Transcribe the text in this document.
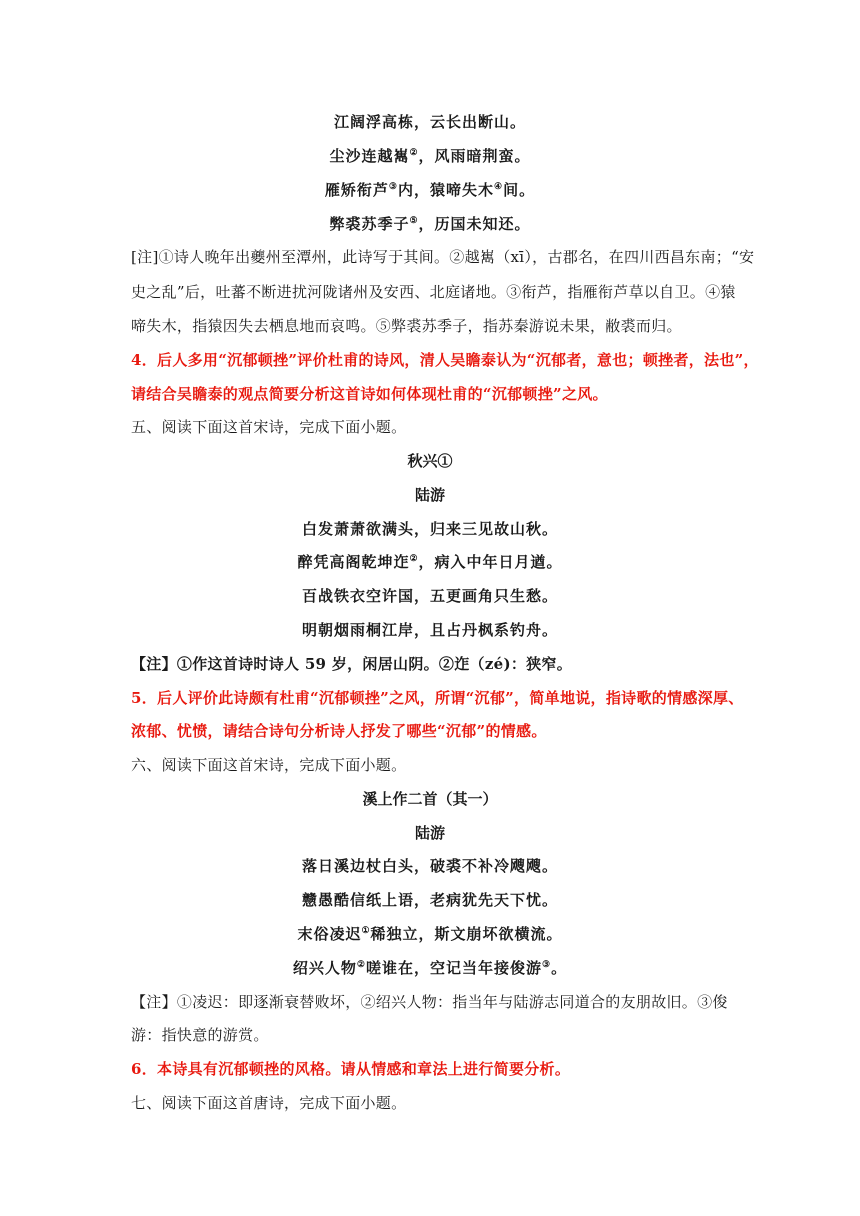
江阔浮高栋，云长出断山。
尘沙连越嶲②，风雨暗荆蛮。
雁矫衔芦③内，猿啼失木④间。
弊裘苏季子⑤，历国未知还。
[注]①诗人晚年出夔州至潭州，此诗写于其间。②越嶲（xī），古郡名，在四川西昌东南；“安
史之乱”后，吐蕃不断进扰河陇诸州及安西、北庭诸地。③衔芦，指雁衔芦草以自卫。④猿
啼失木，指猿因失去栖息地而哀鸣。⑤弊裘苏季子，指苏秦游说未果，敝裘而归。
4．后人多用“沉郁顿挫”评价杜甫的诗风，清人吴瞻泰认为“沉郁者，意也；顿挫者，法也”，
请结合吴瞻泰的观点简要分析这首诗如何体现杜甫的“沉郁顿挫”之风。
五、阅读下面这首宋诗，完成下面小题。
秋兴①
陆游
白发萧萧欲满头，归来三见故山秋。
醉凭高阁乾坤迮②，病入中年日月遒。
百战铁衣空许国，五更画角只生愁。
明朝烟雨桐江岸，且占丹枫系钓舟。
【注】①作这首诗时诗人 59 岁，闲居山阴。②迮（zé)：狭窄。
5．后人评价此诗颇有杜甫“沉郁顿挫”之风，所谓“沉郁”，简单地说，指诗歌的情感深厚、
浓郁、忧愤，请结合诗句分析诗人抒发了哪些“沉郁”的情感。
六、阅读下面这首宋诗，完成下面小题。
溪上作二首（其一）
陆游
落日溪边杖白头，破裘不补冷飕飕。
戆愚酷信纸上语，老病犹先天下忧。
末俗凌迟①稀独立，斯文崩坏欲横流。
绍兴人物②嗟谁在，空记当年接俊游③。
【注】①凌迟：即逐渐衰替败坏，②绍兴人物：指当年与陆游志同道合的友朋故旧。③俊
游：指快意的游赏。
6．本诗具有沉郁顿挫的风格。请从情感和章法上进行简要分析。
七、阅读下面这首唐诗，完成下面小题。
